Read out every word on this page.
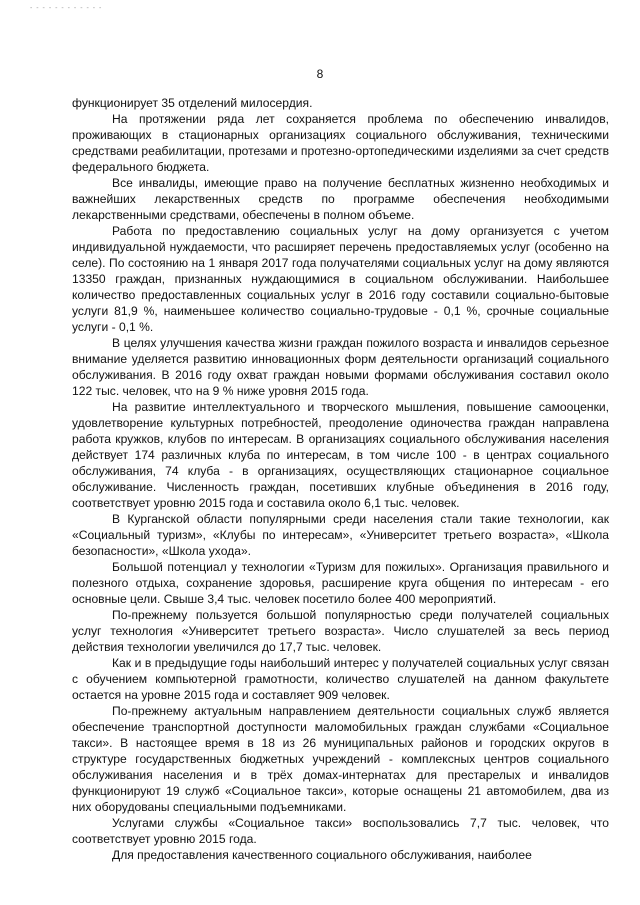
- - - - - - - - - - - -
8

функционирует 35 отделений милосердия.

На протяжении ряда лет сохраняется проблема по обеспечению инвалидов, проживающих в стационарных организациях социального обслуживания, техническими средствами реабилитации, протезами и протезно-ортопедическими изделиями за счет средств федерального бюджета.

Все инвалиды, имеющие право на получение бесплатных жизненно необходимых и важнейших лекарственных средств по программе обеспечения необходимыми лекарственными средствами, обеспечены в полном объеме.

Работа по предоставлению социальных услуг на дому организуется с учетом индивидуальной нуждаемости, что расширяет перечень предоставляемых услуг (особенно на селе). По состоянию на 1 января 2017 года получателями социальных услуг на дому являются 13350 граждан, признанных нуждающимися в социальном обслуживании. Наибольшее количество предоставленных социальных услуг в 2016 году составили социально-бытовые услуги 81,9 %, наименьшее количество социально-трудовые - 0,1 %, срочные социальные услуги - 0,1 %.

В целях улучшения качества жизни граждан пожилого возраста и инвалидов серьезное внимание уделяется развитию инновационных форм деятельности организаций социального обслуживания. В 2016 году охват граждан новыми формами обслуживания составил около 122 тыс. человек, что на 9 % ниже уровня 2015 года.

На развитие интеллектуального и творческого мышления, повышение самооценки, удовлетворение культурных потребностей, преодоление одиночества граждан направлена работа кружков, клубов по интересам. В организациях социального обслуживания населения действует 174 различных клуба по интересам, в том числе 100 - в центрах социального обслуживания, 74 клуба - в организациях, осуществляющих стационарное социальное обслуживание. Численность граждан, посетивших клубные объединения в 2016 году, соответствует уровню 2015 года и составила около 6,1 тыс. человек.

В Курганской области популярными среди населения стали такие технологии, как «Социальный туризм», «Клубы по интересам», «Университет третьего возраста», «Школа безопасности», «Школа ухода».

Большой потенциал у технологии «Туризм для пожилых». Организация правильного и полезного отдыха, сохранение здоровья, расширение круга общения по интересам - его основные цели. Свыше 3,4 тыс. человек посетило более 400 мероприятий.

По-прежнему пользуется большой популярностью среди получателей социальных услуг технология «Университет третьего возраста». Число слушателей за весь период действия технологии увеличился до 17,7 тыс. человек.

Как и в предыдущие годы наибольший интерес у получателей социальных услуг связан с обучением компьютерной грамотности, количество слушателей на данном факультете остается на уровне 2015 года и составляет 909 человек.

По-прежнему актуальным направлением деятельности социальных служб является обеспечение транспортной доступности маломобильных граждан службами «Социальное такси». В настоящее время в 18 из 26 муниципальных районов и городских округов в структуре государственных бюджетных учреждений - комплексных центров социального обслуживания населения и в трёх домах-интернатах для престарелых и инвалидов функционируют 19 служб «Социальное такси», которые оснащены 21 автомобилем, два из них оборудованы специальными подъемниками.

Услугами службы «Социальное такси» воспользовались 7,7 тыс. человек, что соответствует уровню 2015 года.

Для предоставления качественного социального обслуживания, наиболее
